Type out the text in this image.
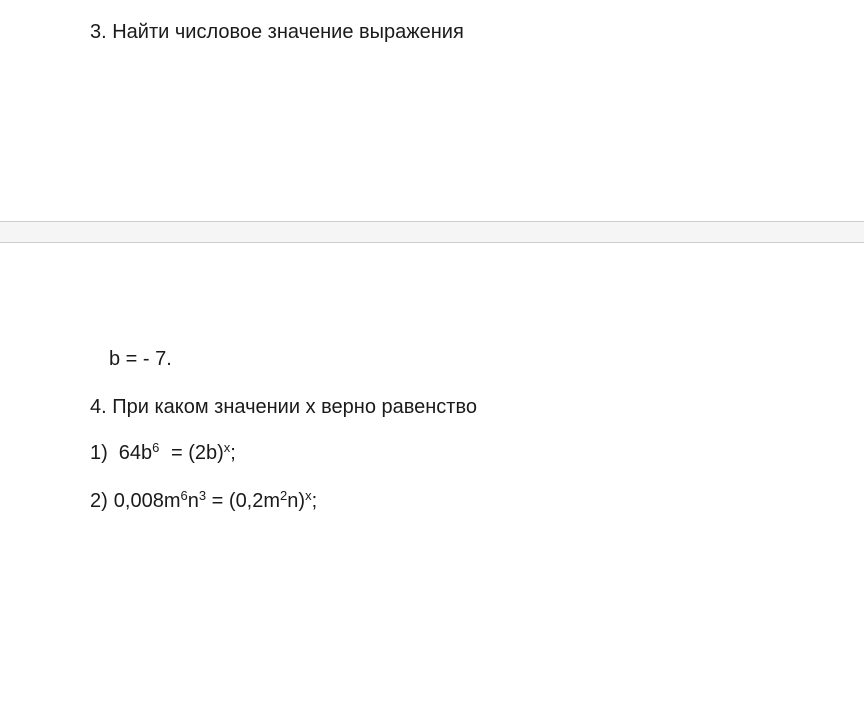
3. Найти числовое значение выражения
b = - 7.
4. При каком значении х верно равенство
1) $64b^6 = (2b)^x$;
2) $0,008m^6n^3 = (0,2m^2n)^x$;
